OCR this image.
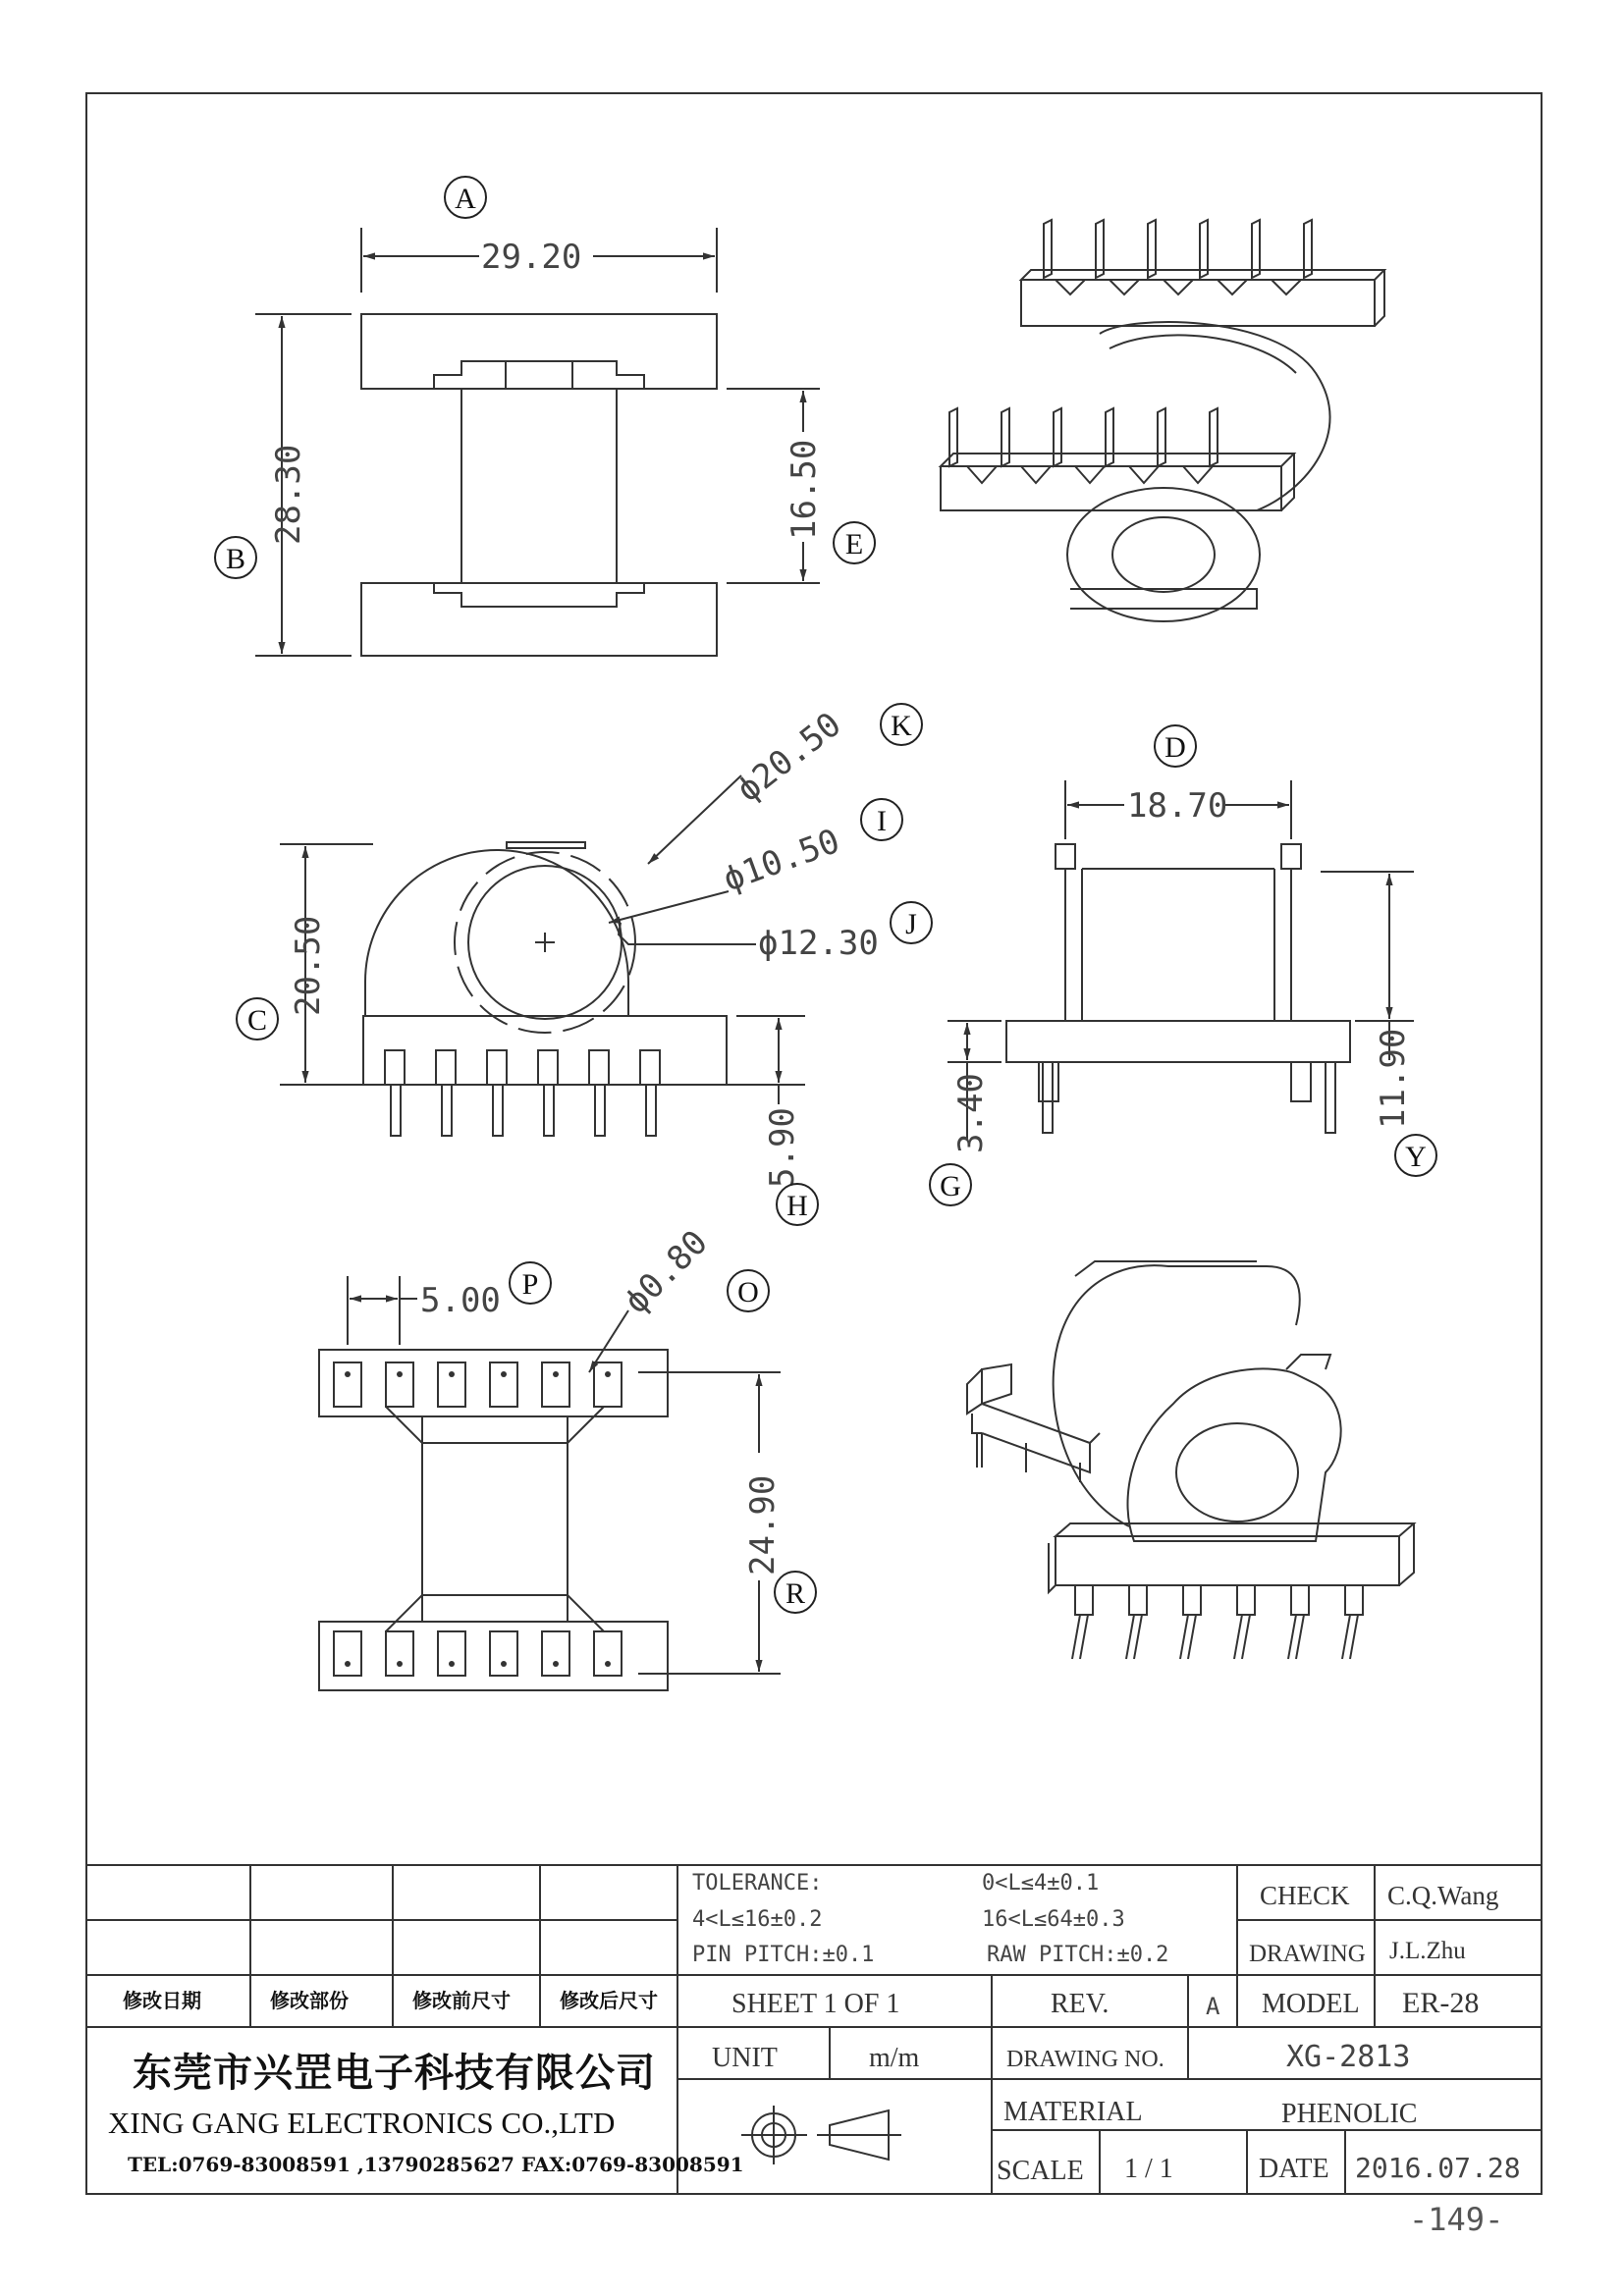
29.20
28.30	16.50
ϕ20.50
ϕ10.50
ϕ12.30
20.50
5.90
18.70
3.40	11.90
5.00	ϕ0.80
24.90
A
B	E
K
I
J
C
H
D
G
Y
P	O
R
修改日期	修改部份	修改前尺寸	修改后尺寸
TOLERANCE:	0<L≤4±0.1
4<L≤16±0.2	16<L≤64±0.3
PIN PITCH:±0.1	RAW PITCH:±0.2
CHECK C.Q.Wang
DRAWING J.L.Zhu
SHEET 1 OF 1	REV.	A MODEL ER-28
UNIT	m/m	DRAWING NO.	XG-2813
MATERIAL	PHENOLIC
SCALE 1 / 1	DATE 2016.07.28
东莞市兴罡电子科技有限公司
XING GANG ELECTRONICS CO.,LTD
TEL:0769-83008591 ,13790285627 FAX:0769-83008591
-149-
